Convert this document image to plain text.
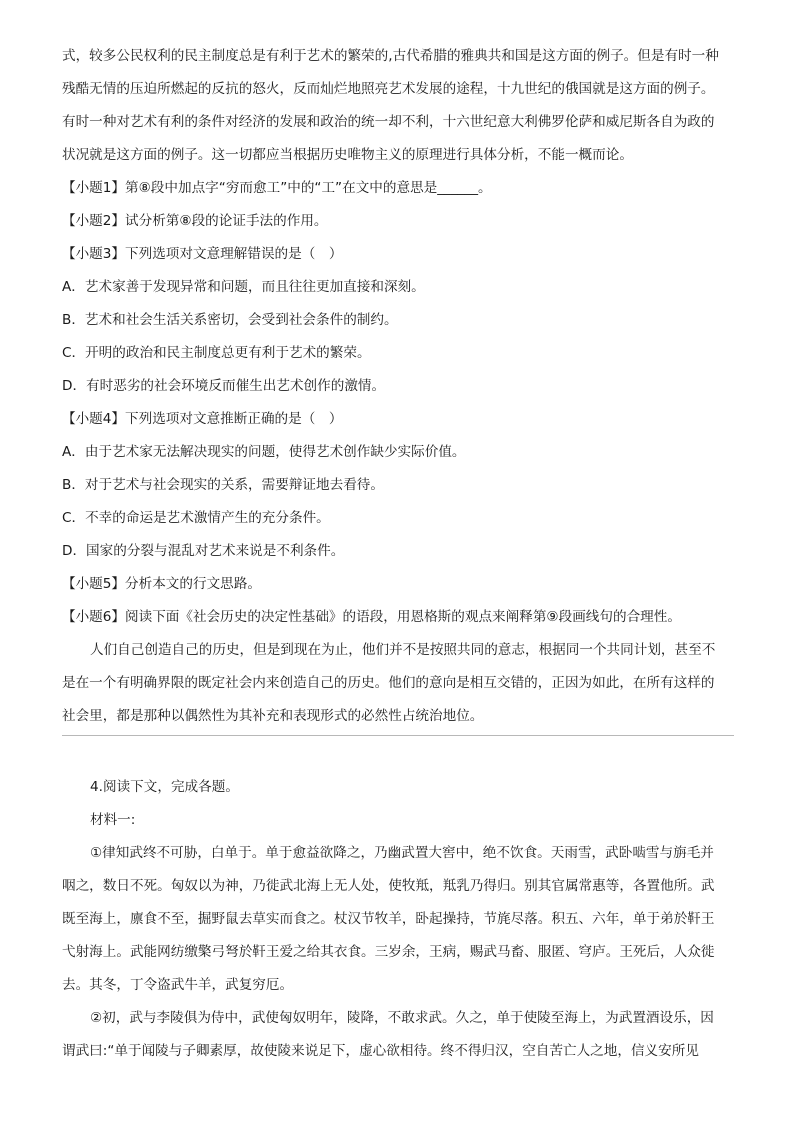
式，较多公民权利的民主制度总是有利于艺术的繁荣的,古代希腊的雅典共和国是这方面的例子。但是有时一种
残酷无情的压迫所燃起的反抗的怒火，反而灿烂地照亮艺术发展的途程，十九世纪的俄国就是这方面的例子。
有时一种对艺术有利的条件对经济的发展和政治的统一却不利，十六世纪意大利佛罗伦萨和威尼斯各自为政的
状况就是这方面的例子。这一切都应当根据历史唯物主义的原理进行具体分析，不能一概而论。
【小题1】第⑧段中加点字“穷而愈工”中的“工”在文中的意思是______。
【小题2】试分析第⑧段的论证手法的作用。
【小题3】下列选项对文意理解错误的是（　）
A．艺术家善于发现异常和问题，而且往往更加直接和深刻。
B．艺术和社会生活关系密切，会受到社会条件的制约。
C．开明的政治和民主制度总更有利于艺术的繁荣。
D．有时恶劣的社会环境反而催生出艺术创作的激情。
【小题4】下列选项对文意推断正确的是（　）
A．由于艺术家无法解决现实的问题，使得艺术创作缺少实际价值。
B．对于艺术与社会现实的关系，需要辩证地去看待。
C．不幸的命运是艺术激情产生的充分条件。
D．国家的分裂与混乱对艺术来说是不利条件。
【小题5】分析本文的行文思路。
【小题6】阅读下面《社会历史的决定性基础》的语段，用恩格斯的观点来阐释第⑨段画线句的合理性。
人们自己创造自己的历史，但是到现在为止，他们并不是按照共同的意志，根据同一个共同计划，甚至不
是在一个有明确界限的既定社会内来创造自己的历史。他们的意向是相互交错的，正因为如此，在所有这样的
社会里，都是那种以偶然性为其补充和表现形式的必然性占统治地位。
4.阅读下文，完成各题。
材料一:
①律知武终不可胁，白单于。单于愈益欲降之，乃幽武置大窖中，绝不饮食。天雨雪，武卧啮雪与旃毛并
咽之，数日不死。匈奴以为神，乃徙武北海上无人处，使牧羝，羝乳乃得归。别其官属常惠等，各置他所。武
既至海上，廪食不至，掘野鼠去草实而食之。杖汉节牧羊，卧起操持，节旄尽落。积五、六年，单于弟於靬王
弋射海上。武能网纺缴檠弓弩於靬王爱之给其衣食。三岁余，王病，赐武马畜、服匿、穹庐。王死后，人众徙
去。其冬，丁令盗武牛羊，武复穷厄。
②初，武与李陵俱为侍中，武使匈奴明年，陵降，不敢求武。久之，单于使陵至海上，为武置酒设乐，因
谓武曰:“单于闻陵与子卿素厚，故使陵来说足下，虚心欲相待。终不得归汉，空自苦亡人之地，信义安所见
